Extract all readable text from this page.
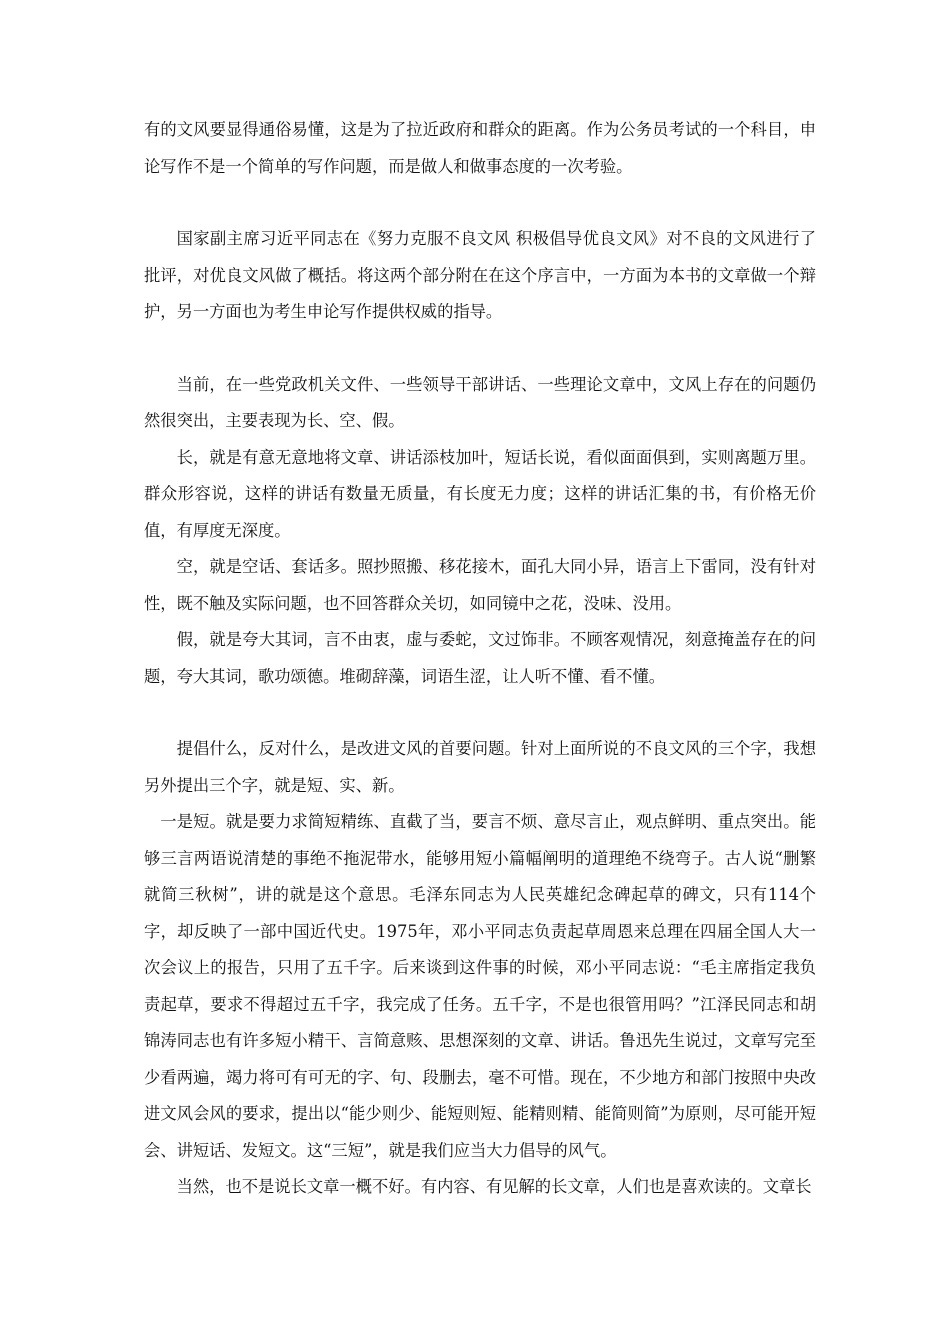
有的文风要显得通俗易懂，这是为了拉近政府和群众的距离。作为公务员考试的一个科目，申论写作不是一个简单的写作问题，而是做人和做事态度的一次考验。

国家副主席习近平同志在《努力克服不良文风 积极倡导优良文风》对不良的文风进行了批评，对优良文风做了概括。将这两个部分附在在这个序言中，一方面为本书的文章做一个辩护，另一方面也为考生申论写作提供权威的指导。

当前，在一些党政机关文件、一些领导干部讲话、一些理论文章中，文风上存在的问题仍然很突出，主要表现为长、空、假。

长，就是有意无意地将文章、讲话添枝加叶，短话长说，看似面面俱到，实则离题万里。群众形容说，这样的讲话有数量无质量，有长度无力度；这样的讲话汇集的书，有价格无价值，有厚度无深度。

空，就是空话、套话多。照抄照搬、移花接木，面孔大同小异，语言上下雷同，没有针对性，既不触及实际问题，也不回答群众关切，如同镜中之花，没味、没用。

假，就是夸大其词，言不由衷，虚与委蛇，文过饰非。不顾客观情况，刻意掩盖存在的问题，夸大其词，歌功颂德。堆砌辞藻，词语生涩，让人听不懂、看不懂。

提倡什么，反对什么，是改进文风的首要问题。针对上面所说的不良文风的三个字，我想另外提出三个字，就是短、实、新。

一是短。就是要力求简短精练、直截了当，要言不烦、意尽言止，观点鲜明、重点突出。能够三言两语说清楚的事绝不拖泥带水，能够用短小篇幅阐明的道理绝不绕弯子。古人说“删繁就简三秋树”，讲的就是这个意思。毛泽东同志为人民英雄纪念碑起草的碑文，只有114个字，却反映了一部中国近代史。1975年，邓小平同志负责起草周恩来总理在四届全国人大一次会议上的报告，只用了五千字。后来谈到这件事的时候，邓小平同志说：“毛主席指定我负责起草，要求不得超过五千字，我完成了任务。五千字，不是也很管用吗？”江泽民同志和胡锦涛同志也有许多短小精干、言简意赅、思想深刻的文章、讲话。鲁迅先生说过，文章写完至少看两遍，竭力将可有可无的字、句、段删去，毫不可惜。现在，不少地方和部门按照中央改进文风会风的要求，提出以“能少则少、能短则短、能精则精、能简则简”为原则，尽可能开短会、讲短话、发短文。这“三短”，就是我们应当大力倡导的风气。

当然，也不是说长文章一概不好。有内容、有见解的长文章，人们也是喜欢读的。文章长
